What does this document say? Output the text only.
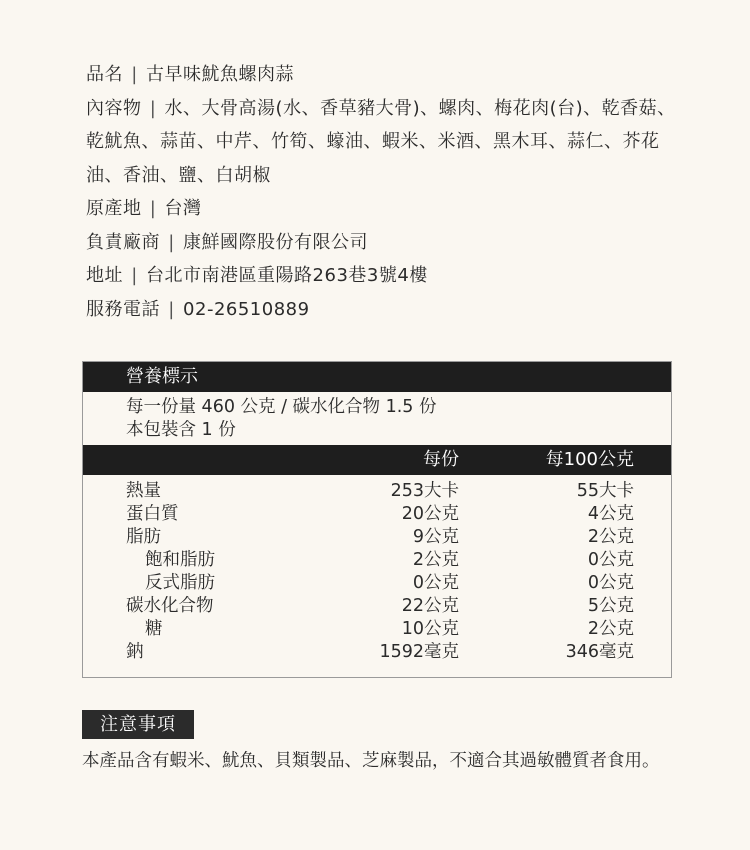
品名 | 古早味魷魚螺肉蒜

內容物 | 水、大骨高湯(水、香草豬大骨)、螺肉、梅花肉(台)、乾香菇、乾魷魚、蒜苗、中芹、竹筍、蠔油、蝦米、米酒、黑木耳、蒜仁、芥花油、香油、鹽、白胡椒

原產地 | 台灣

負責廠商 | 康鮮國際股份有限公司

地址 | 台北市南港區重陽路263巷3號4樓

服務電話 | 02-26510889

營養標示
每一份量 460 公克 / 碳水化合物 1.5 份
本包裝含 1 份
每份	每100公克
熱量	253大卡	55大卡
蛋白質	20公克	4公克
脂肪	9公克	2公克
飽和脂肪	2公克	0公克
反式脂肪	0公克	0公克
碳水化合物	22公克	5公克
糖	10公克	2公克
鈉	1592毫克	346毫克
注意事項
本產品含有蝦米、魷魚、貝類製品、芝麻製品，不適合其過敏體質者食用。
